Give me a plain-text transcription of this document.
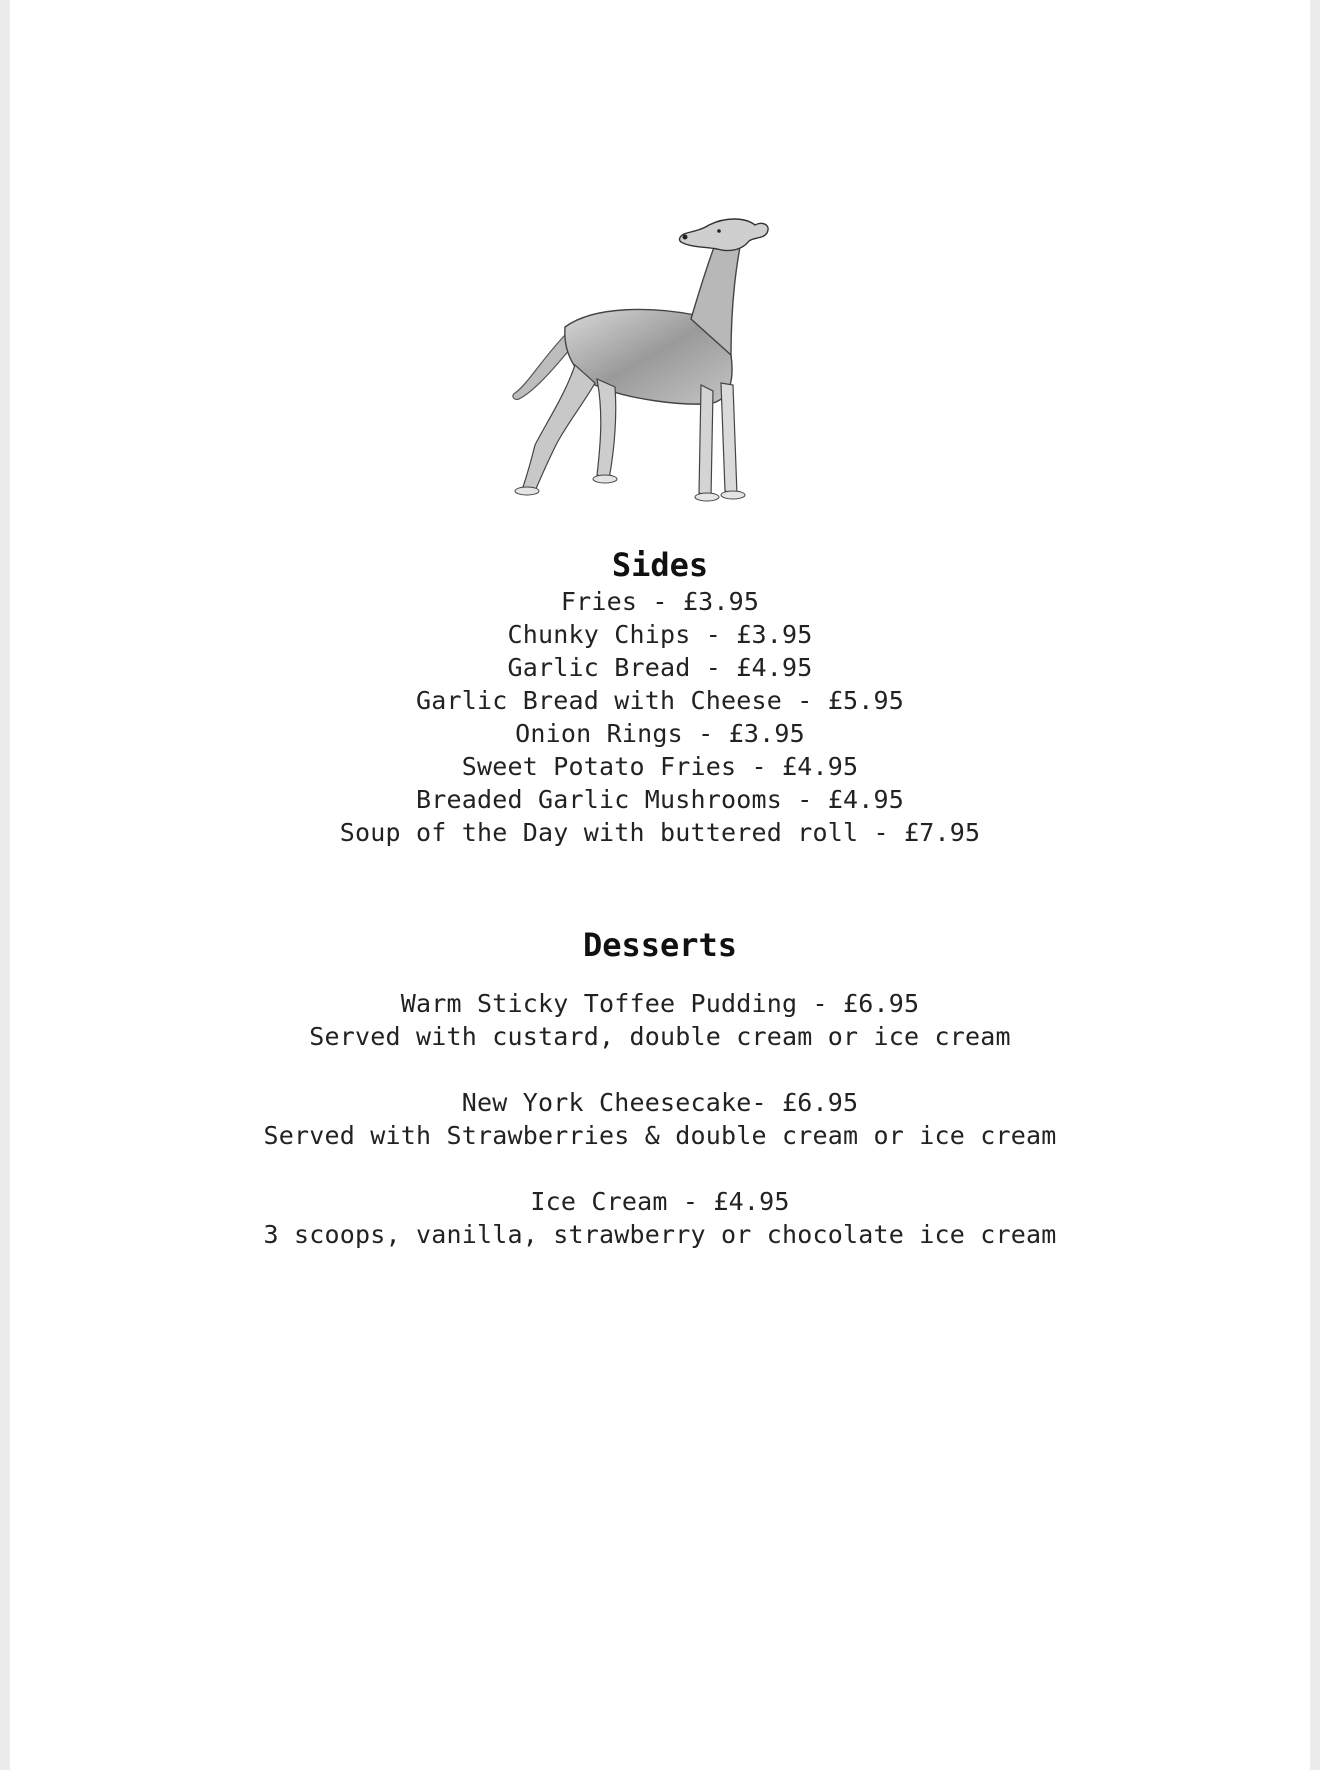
Sides

Fries - £3.95

Chunky Chips - £3.95

Garlic Bread - £4.95

Garlic Bread with Cheese - £5.95

Onion Rings - £3.95

Sweet Potato Fries - £4.95

Breaded Garlic Mushrooms - £4.95

Soup of the Day with buttered roll - £7.95

Desserts

Warm Sticky Toffee Pudding - £6.95

Served with custard, double cream or ice cream

New York Cheesecake- £6.95

Served with Strawberries & double cream or ice cream

Ice Cream - £4.95

3 scoops, vanilla, strawberry or chocolate ice cream
